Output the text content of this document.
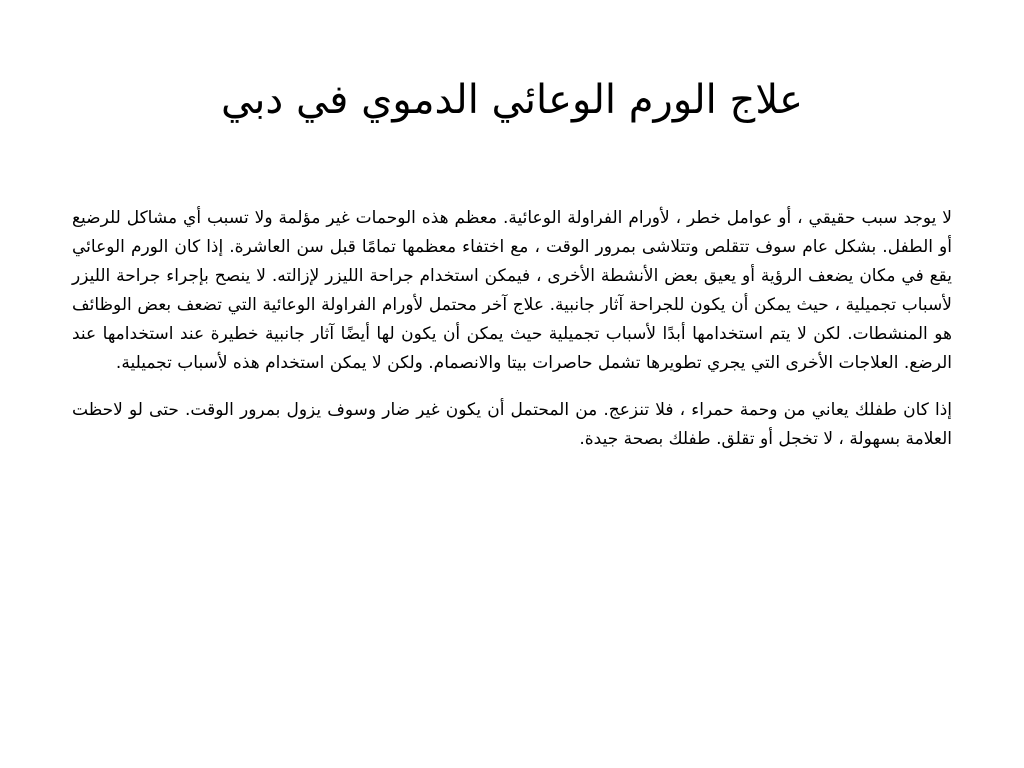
علاج الورم الوعائي الدموي في دبي

لا يوجد سبب حقيقي ، أو عوامل خطر ، لأورام الفراولة الوعائية. معظم هذه الوحمات غير مؤلمة ولا تسبب أي مشاكل للرضيع أو الطفل. بشكل عام سوف تتقلص وتتلاشى بمرور الوقت ، مع اختفاء معظمها تمامًا قبل سن العاشرة. إذا كان الورم الوعائي يقع في مكان يضعف الرؤية أو يعيق بعض الأنشطة الأخرى ، فيمكن استخدام جراحة الليزر لإزالته. لا ينصح بإجراء جراحة الليزر لأسباب تجميلية ، حيث يمكن أن يكون للجراحة آثار جانبية. علاج آخر محتمل لأورام الفراولة الوعائية التي تضعف بعض الوظائف هو المنشطات. لكن لا يتم استخدامها أبدًا لأسباب تجميلية حيث يمكن أن يكون لها أيضًا آثار جانبية خطيرة عند استخدامها عند الرضع. العلاجات الأخرى التي يجري تطويرها تشمل حاصرات بيتا والانصمام. ولكن لا يمكن استخدام هذه لأسباب تجميلية.

إذا كان طفلك يعاني من وحمة حمراء ، فلا تنزعج. من المحتمل أن يكون غير ضار وسوف يزول بمرور الوقت. حتى لو لاحظت العلامة بسهولة ، لا تخجل أو تقلق. طفلك بصحة جيدة.
